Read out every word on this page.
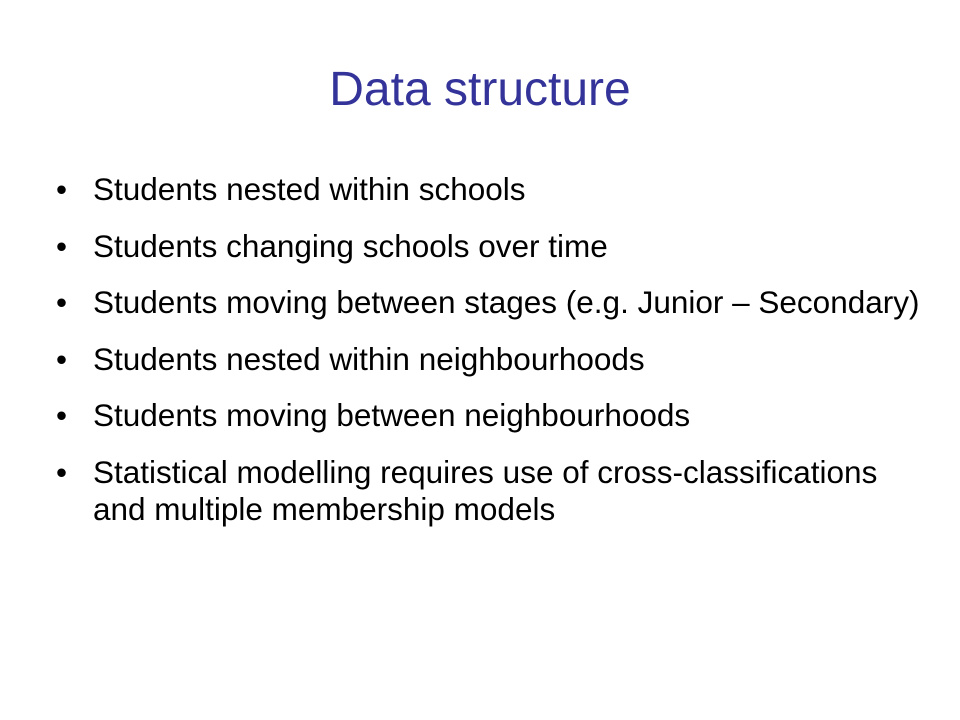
Data structure
• Students nested within schools
• Students changing schools over time
• Students moving between stages (e.g. Junior – Secondary)
• Students nested within neighbourhoods
• Students moving between neighbourhoods
• Statistical modelling requires use of cross-classifications and multiple membership models
